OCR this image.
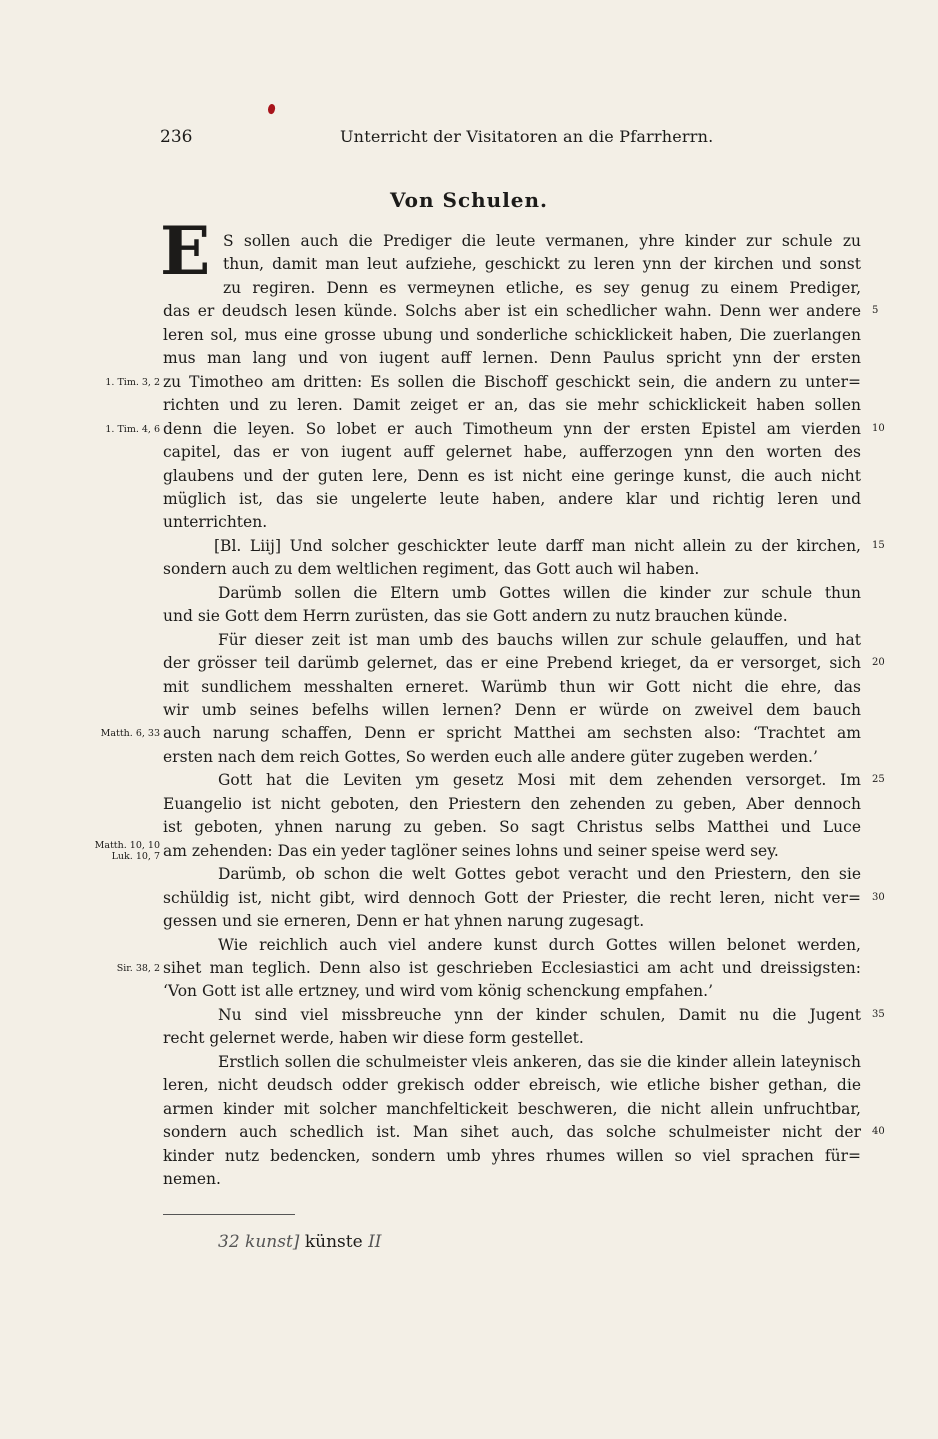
236	Unterricht der Visitatoren an die Pfarrherrn.
Von Schulen.
E S sollen auch die Prediger die leute vermanen, yhre kinder zur schule zu
thun, damit man leut aufziehe, geschickt zu leren ynn der kirchen und sonst
zu regiren. Denn es vermeynen etliche, es sey genug zu einem Prediger,
das er deudsch lesen künde. Solchs aber ist ein schedlicher wahn. Denn wer andere
leren sol, mus eine grosse ubung und sonderliche schicklickeit haben, Die zuerlangen
mus man lang und von iugent auff lernen. Denn Paulus spricht ynn der ersten
zu Timotheo am dritten: Es sollen die Bischoff geschickt sein, die andern zu unter=
richten und zu leren. Damit zeiget er an, das sie mehr schicklickeit haben sollen
denn die leyen. So lobet er auch Timotheum ynn der ersten Epistel am vierden
capitel, das er von iugent auff gelernet habe, aufferzogen ynn den worten des
glaubens und der guten lere, Denn es ist nicht eine geringe kunst, die auch nicht
müglich ist, das sie ungelerte leute haben, andere klar und richtig leren und
unterrichten.
[Bl. Liij] Und solcher geschickter leute darff man nicht allein zu der kirchen,
sondern auch zu dem weltlichen regiment, das Gott auch wil haben.
Darümb sollen die Eltern umb Gottes willen die kinder zur schule thun
und sie Gott dem Herrn zurüsten, das sie Gott andern zu nutz brauchen künde.
Für dieser zeit ist man umb des bauchs willen zur schule gelauffen, und hat
der grösser teil darümb gelernet, das er eine Prebend krieget, da er versorget, sich
mit sundlichem messhalten erneret. Warümb thun wir Gott nicht die ehre, das
wir umb seines befelhs willen lernen? Denn er würde on zweivel dem bauch
auch narung schaffen, Denn er spricht Matthei am sechsten also: ‘Trachtet am
ersten nach dem reich Gottes, So werden euch alle andere güter zugeben werden.’
Gott hat die Leviten ym gesetz Mosi mit dem zehenden versorget. Im
Euangelio ist nicht geboten, den Priestern den zehenden zu geben, Aber dennoch
ist geboten, yhnen narung zu geben. So sagt Christus selbs Matthei und Luce
am zehenden: Das ein yeder taglöner seines lohns und seiner speise werd sey.
Darümb, ob schon die welt Gottes gebot veracht und den Priestern, den sie
schüldig ist, nicht gibt, wird dennoch Gott der Priester, die recht leren, nicht ver=
gessen und sie erneren, Denn er hat yhnen narung zugesagt.
Wie reichlich auch viel andere kunst durch Gottes willen belonet werden,
sihet man teglich. Denn also ist geschrieben Ecclesiastici am acht und dreissigsten:
‘Von Gott ist alle ertzney, und wird vom könig schenckung empfahen.’
Nu sind viel missbreuche ynn der kinder schulen, Damit nu die Jugent
recht gelernet werde, haben wir diese form gestellet.
Erstlich sollen die schulmeister vleis ankeren, das sie die kinder allein lateynisch
leren, nicht deudsch odder grekisch odder ebreisch, wie etliche bisher gethan, die
armen kinder mit solcher manchfeltickeit beschweren, die nicht allein unfruchtbar,
sondern auch schedlich ist. Man sihet auch, das solche schulmeister nicht der
kinder nutz bedencken, sondern umb yhres rhumes willen so viel sprachen für=
nemen.
1. Tim. 3, 2
1. Tim. 4, 6
Matth. 6, 33
Matth. 10, 10
Luk. 10, 7
Sir. 38, 2
5
10
15
20
25
30
35
40
32 kunst] künste II
